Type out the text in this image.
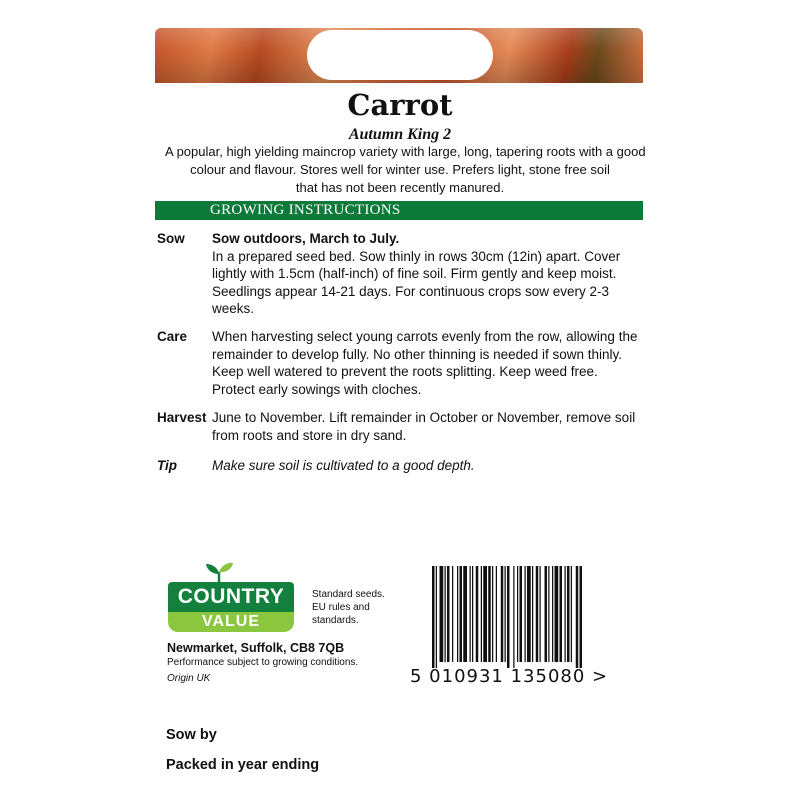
Carrot
Autumn King 2
A popular, high yielding maincrop variety with large, long, tapering roots with a good
colour and flavour. Stores well for winter use. Prefers light, stone free soil
that has not been recently manured.
GROWING INSTRUCTIONS
Sow Sow outdoors, March to July.
In a prepared seed bed. Sow thinly in rows 30cm (12in) apart. Cover
lightly with 1.5cm (half-inch) of fine soil. Firm gently and keep moist.
Seedlings appear 14-21 days. For continuous crops sow every 2-3
weeks.
Care When harvesting select young carrots evenly from the row, allowing the
remainder to develop fully. No other thinning is needed if sown thinly.
Keep well watered to prevent the roots splitting. Keep weed free.
Protect early sowings with cloches.
Harvest June to November. Lift remainder in October or November, remove soil
from roots and store in dry sand.
Tip	Make sure soil is cultivated to a good depth.
COUNTRY
VALUE
Standard seeds.
EU rules and
standards.
Newmarket, Suffolk, CB8 7QB
Performance subject to growing conditions.
Origin UK	5 010931 135080 >
Sow by
Packed in year ending
